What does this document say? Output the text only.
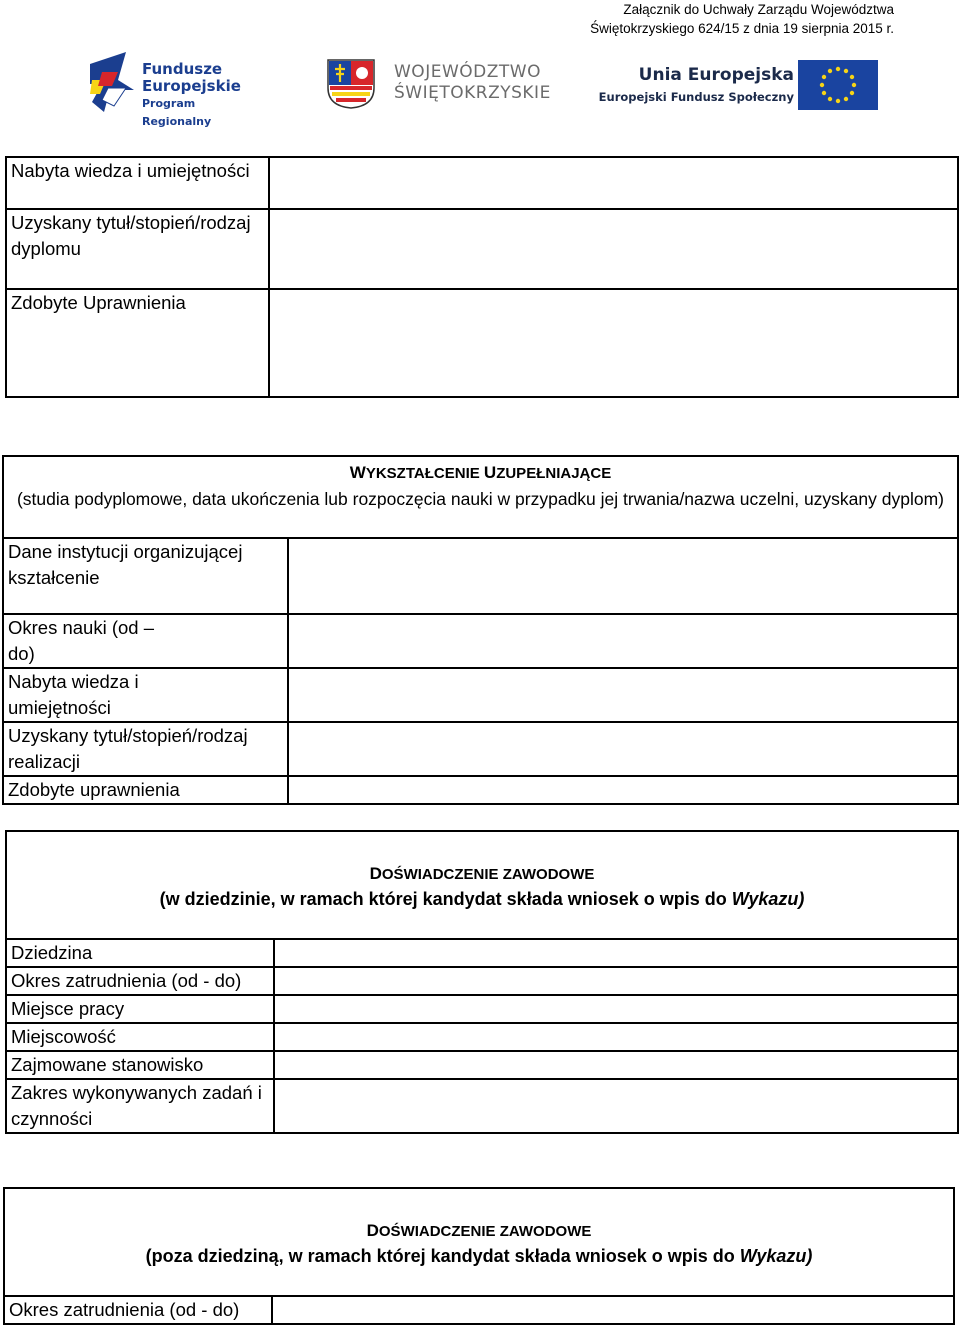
Załącznik do Uchwały Zarządu Województwa
Świętokrzyskiego 624/15 z dnia 19 sierpnia 2015 r.
Fundusze
Europejskie
Program Regionalny
WOJEWÓDZTWO
ŚWIĘTOKRZYSKIE
Unia Europejska
Europejski Fundusz Społeczny
Nabyta wiedza i umiejętności	
Uzyskany tytuł/stopień/rodzaj dyplomu	
Zdobyte Uprawnienia	
WYKSZTAŁCENIE UZUPEŁNIAJĄCE
(studia podyplomowe, data ukończenia lub rozpoczęcia nauki w przypadku jej trwania/nazwa uczelni, uzyskany dyplom)	

Dane instytucji organizującej kształcenie	
Okres nauki (od – do)	
Nabyta wiedza i umiejętności	
Uzyskany tytuł/stopień/rodzaj realizacji	
Zdobyte uprawnienia	
DOŚWIADCZENIE ZAWODOWE
(w dziedzinie, w ramach której kandydat składa wniosek o wpis do Wykazu)	

Dziedzina	
Okres zatrudnienia (od - do)	
Miejsce pracy	
Miejscowość	
Zajmowane stanowisko	
Zakres wykonywanych zadań i czynności	
DOŚWIADCZENIE ZAWODOWE
(poza dziedziną, w ramach której kandydat składa wniosek o wpis do Wykazu)

Okres zatrudnienia (od - do)	
